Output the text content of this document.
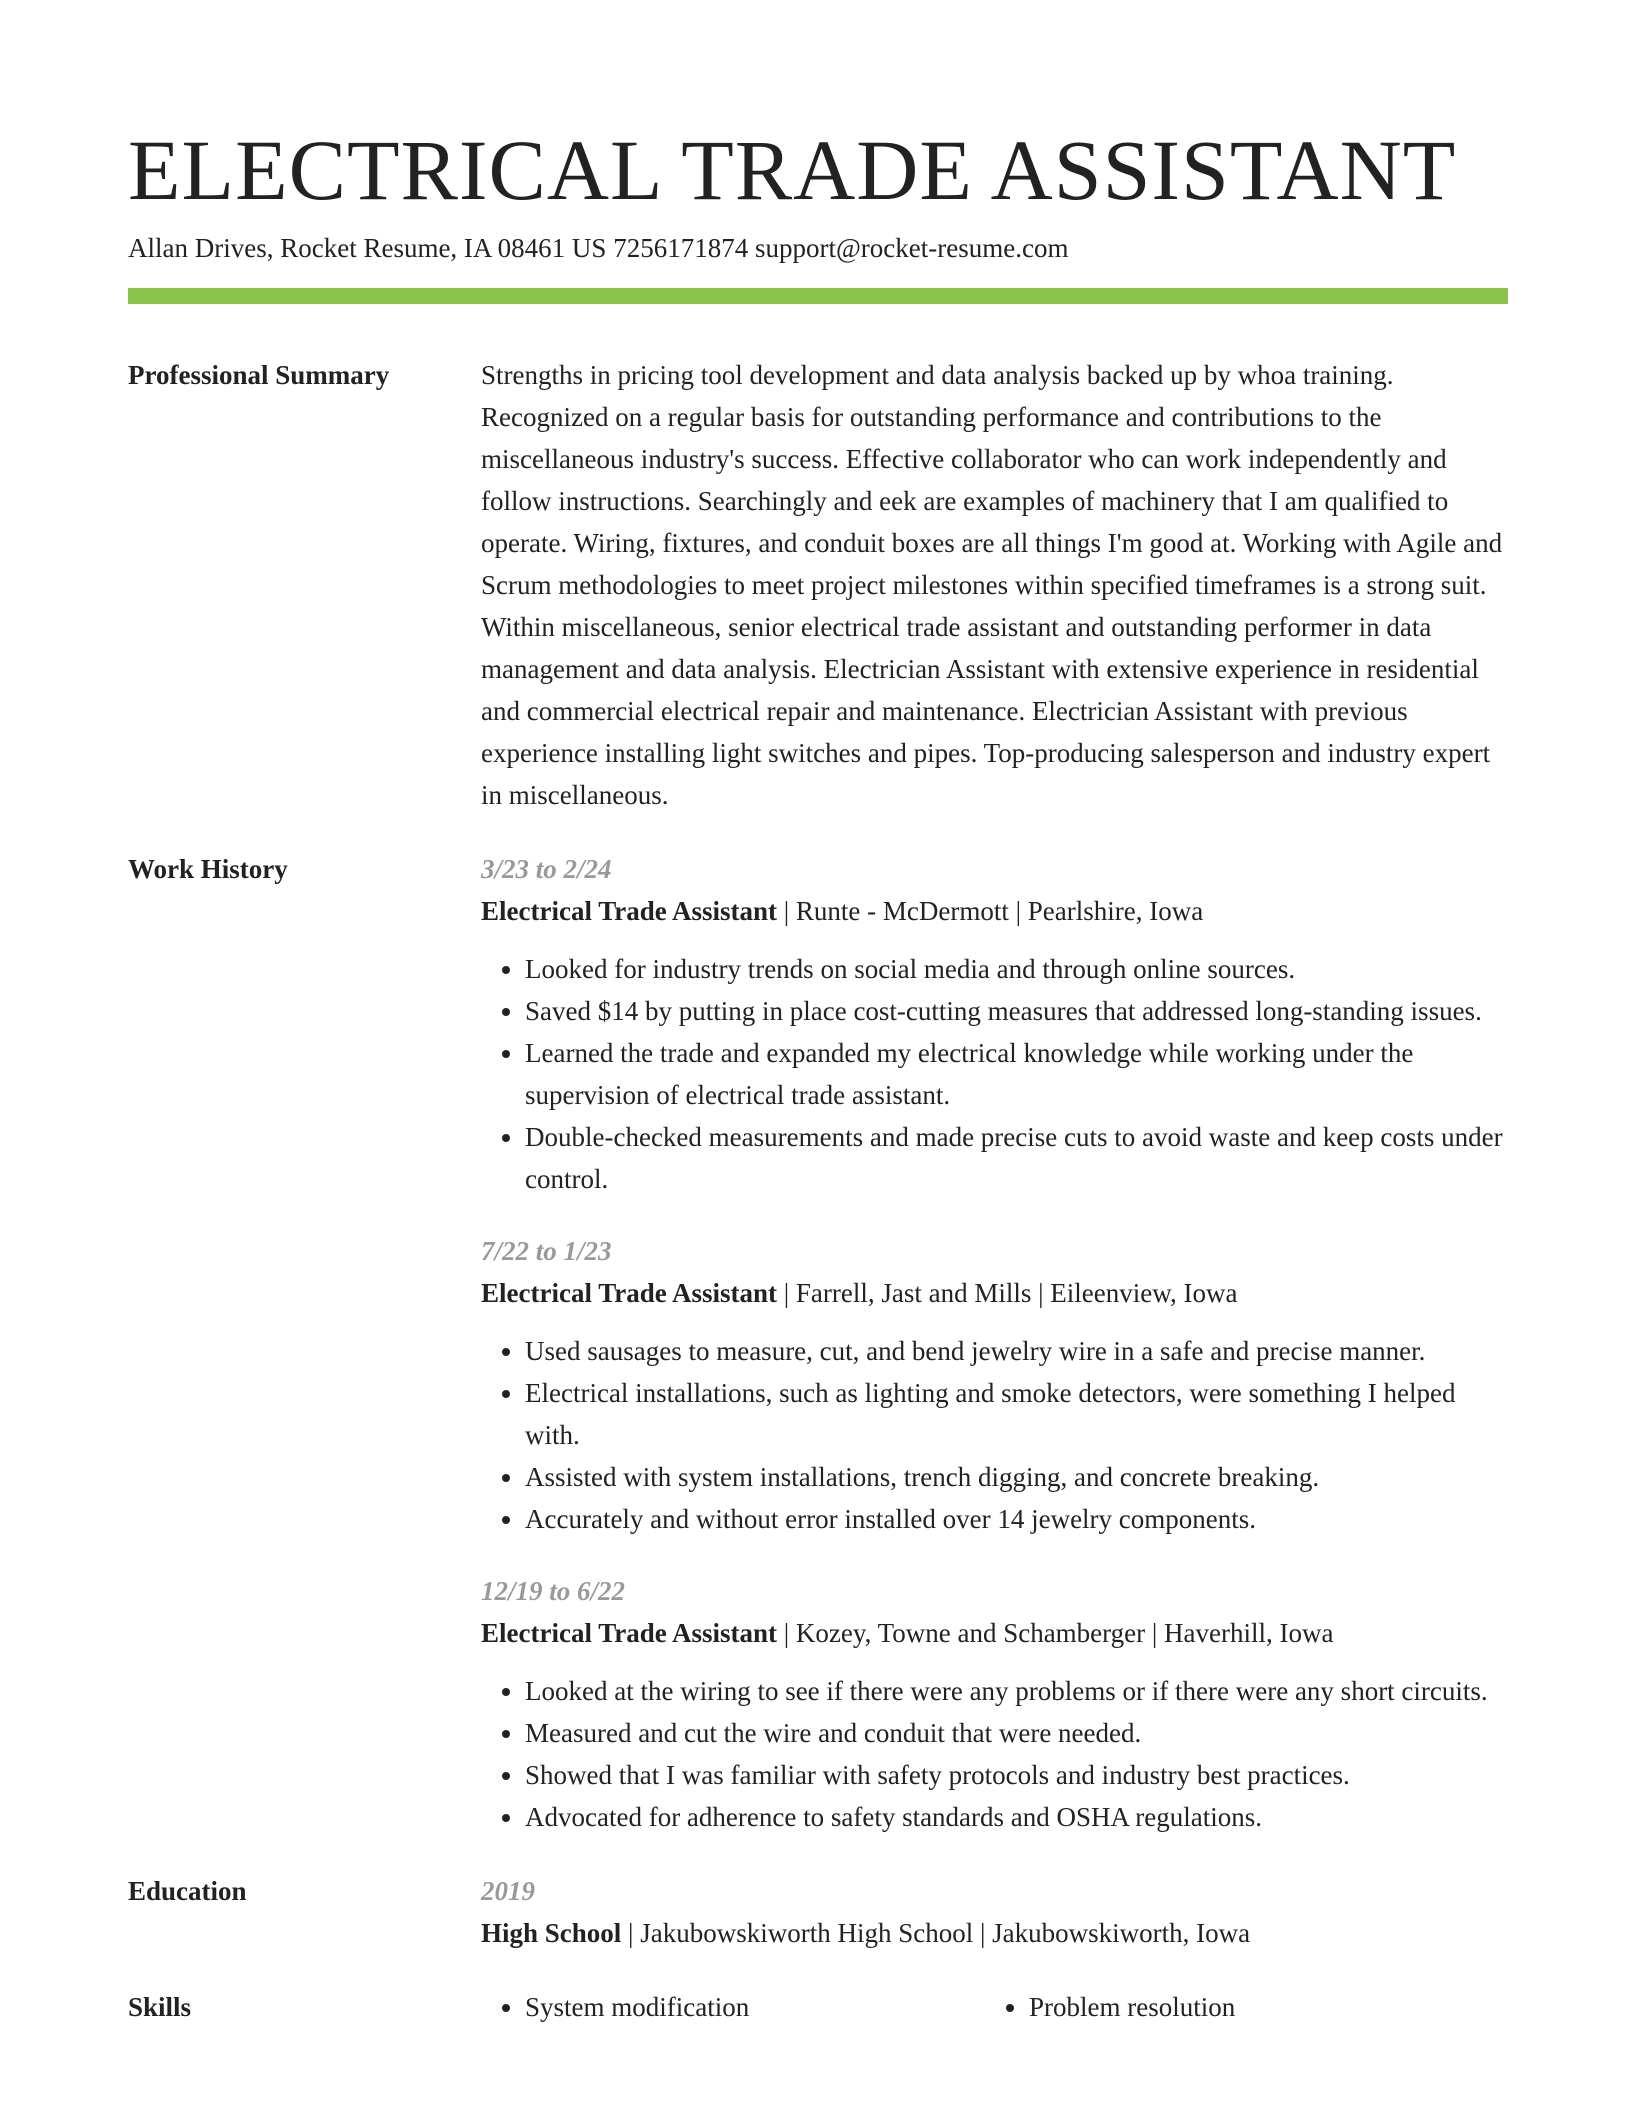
ELECTRICAL TRADE ASSISTANT
Allan Drives, Rocket Resume, IA 08461 US 7256171874 support@rocket-resume.com
Professional Summary	Strengths in pricing tool development and data analysis backed up by whoa training. Recognized on a regular basis for outstanding performance and contributions to the miscellaneous industry's success. Effective collaborator who can work independently and follow instructions. Searchingly and eek are examples of machinery that I am qualified to operate. Wiring, fixtures, and conduit boxes are all things I'm good at. Working with Agile and Scrum methodologies to meet project milestones within specified timeframes is a strong suit. Within miscellaneous, senior electrical trade assistant and outstanding performer in data management and data analysis. Electrician Assistant with extensive experience in residential and commercial electrical repair and maintenance. Electrician Assistant with previous experience installing light switches and pipes. Top-producing salesperson and industry expert in miscellaneous.
Work History	3/23 to 2/24
Electrical Trade Assistant | Runte - McDermott | Pearlshire, Iowa
• Looked for industry trends on social media and through online sources.
• Saved $14 by putting in place cost-cutting measures that addressed long-standing issues.
• Learned the trade and expanded my electrical knowledge while working under the supervision of electrical trade assistant.
• Double-checked measurements and made precise cuts to avoid waste and keep costs under control.
7/22 to 1/23
Electrical Trade Assistant | Farrell, Jast and Mills | Eileenview, Iowa
• Used sausages to measure, cut, and bend jewelry wire in a safe and precise manner.
• Electrical installations, such as lighting and smoke detectors, were something I helped with.
• Assisted with system installations, trench digging, and concrete breaking.
• Accurately and without error installed over 14 jewelry components.
12/19 to 6/22
Electrical Trade Assistant | Kozey, Towne and Schamberger | Haverhill, Iowa
• Looked at the wiring to see if there were any problems or if there were any short circuits.
• Measured and cut the wire and conduit that were needed.
• Showed that I was familiar with safety protocols and industry best practices.
• Advocated for adherence to safety standards and OSHA regulations.
Education	2019
High School | Jakubowskiworth High School | Jakubowskiworth, Iowa
Skills	• System modification	• Problem resolution
